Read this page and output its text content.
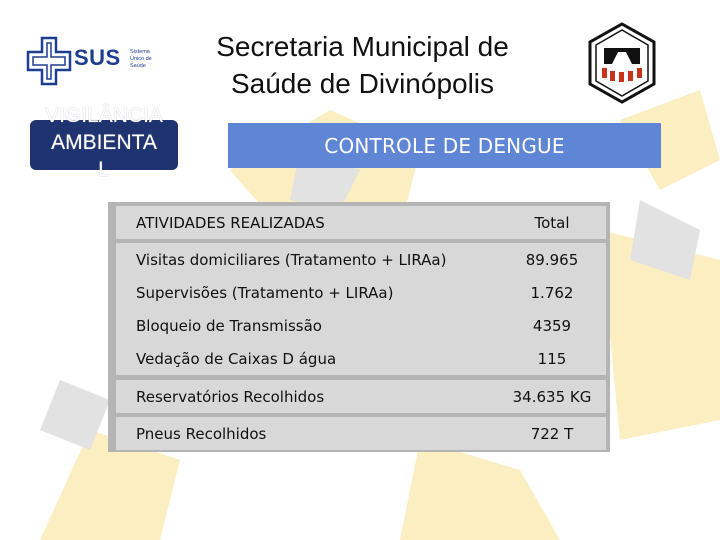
SUS Sistema
Único de
Saúde
Secretaria Municipal de
Saúde de Divinópolis
VIGILÂNCIA
AMBIENTA
L
CONTROLE DE DENGUE
ATIVIDADES REALIZADAS	Total
Visitas domiciliares (Tratamento + LIRAa)	89.965
Supervisões (Tratamento + LIRAa)	1.762
Bloqueio de Transmissão	4359
Vedação de Caixas D água	115
Reservatórios Recolhidos	34.635 KG
Pneus Recolhidos	722 T
